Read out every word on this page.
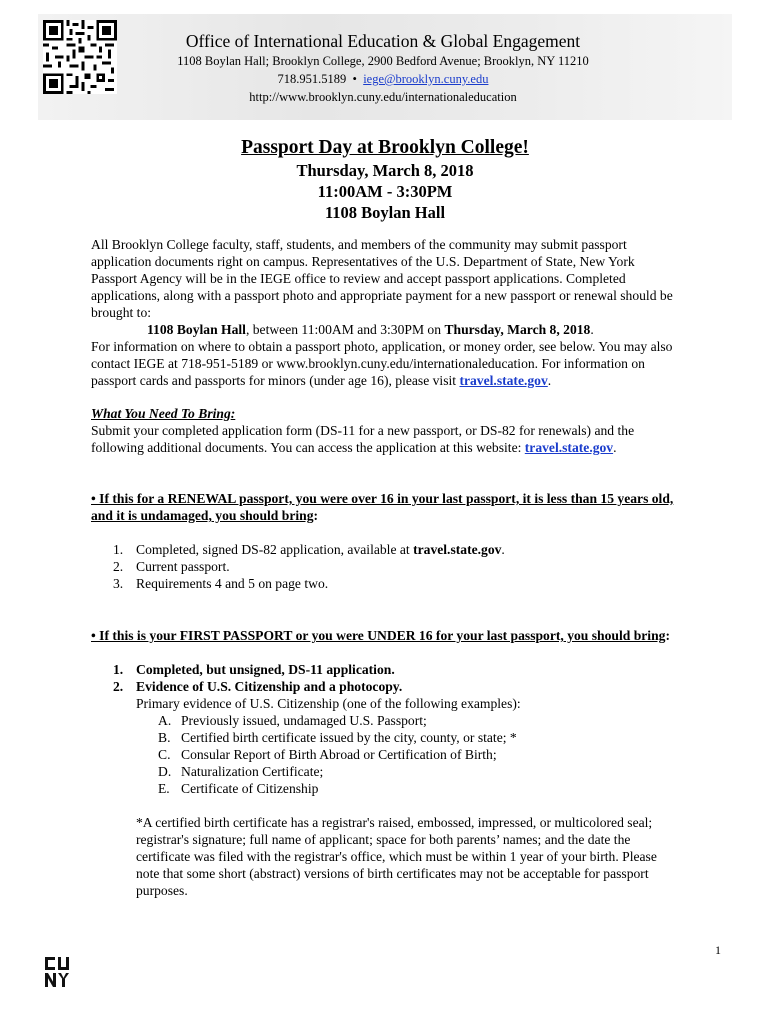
Office of International Education & Global Engagement
1108 Boylan Hall; Brooklyn College, 2900 Bedford Avenue; Brooklyn, NY 11210
718.951.5189 • iege@brooklyn.cuny.edu
http://www.brooklyn.cuny.edu/internationaleducation
Passport Day at Brooklyn College!
Thursday, March 8, 2018
11:00AM - 3:30PM
1108 Boylan Hall

All Brooklyn College faculty, staff, students, and members of the community may submit passport application documents right on campus. Representatives of the U.S. Department of State, New York Passport Agency will be in the IEGE office to review and accept passport applications. Completed applications, along with a passport photo and appropriate payment for a new passport or renewal should be brought to:

1108 Boylan Hall, between 11:00AM and 3:30PM on Thursday, March 8, 2018.

For information on where to obtain a passport photo, application, or money order, see below. You may also contact IEGE at 718-951-5189 or www.brooklyn.cuny.edu/internationaleducation. For information on passport cards and passports for minors (under age 16), please visit travel.state.gov.

What You Need To Bring:

Submit your completed application form (DS-11 for a new passport, or DS-82 for renewals) and the following additional documents. You can access the application at this website: travel.state.gov.

• If this for a RENEWAL passport, you were over 16 in your last passport, it is less than 15 years old, and it is undamaged, you should bring:

1. Completed, signed DS-82 application, available at travel.state.gov.
2. Current passport.
3. Requirements 4 and 5 on page two.

• If this is your FIRST PASSPORT or you were UNDER 16 for your last passport, you should bring:

1. Completed, but unsigned, DS-11 application.
2. Evidence of U.S. Citizenship and a photocopy.

Primary evidence of U.S. Citizenship (one of the following examples):

A. Previously issued, undamaged U.S. Passport;
B. Certified birth certificate issued by the city, county, or state; *
C. Consular Report of Birth Abroad or Certification of Birth;
D. Naturalization Certificate;
E. Certificate of Citizenship

*A certified birth certificate has a registrar's raised, embossed, impressed, or multicolored seal; registrar's signature; full name of applicant; space for both parents’ names; and the date the certificate was filed with the registrar's office, which must be within 1 year of your birth. Please note that some short (abstract) versions of birth certificates may not be acceptable for passport purposes.

1
